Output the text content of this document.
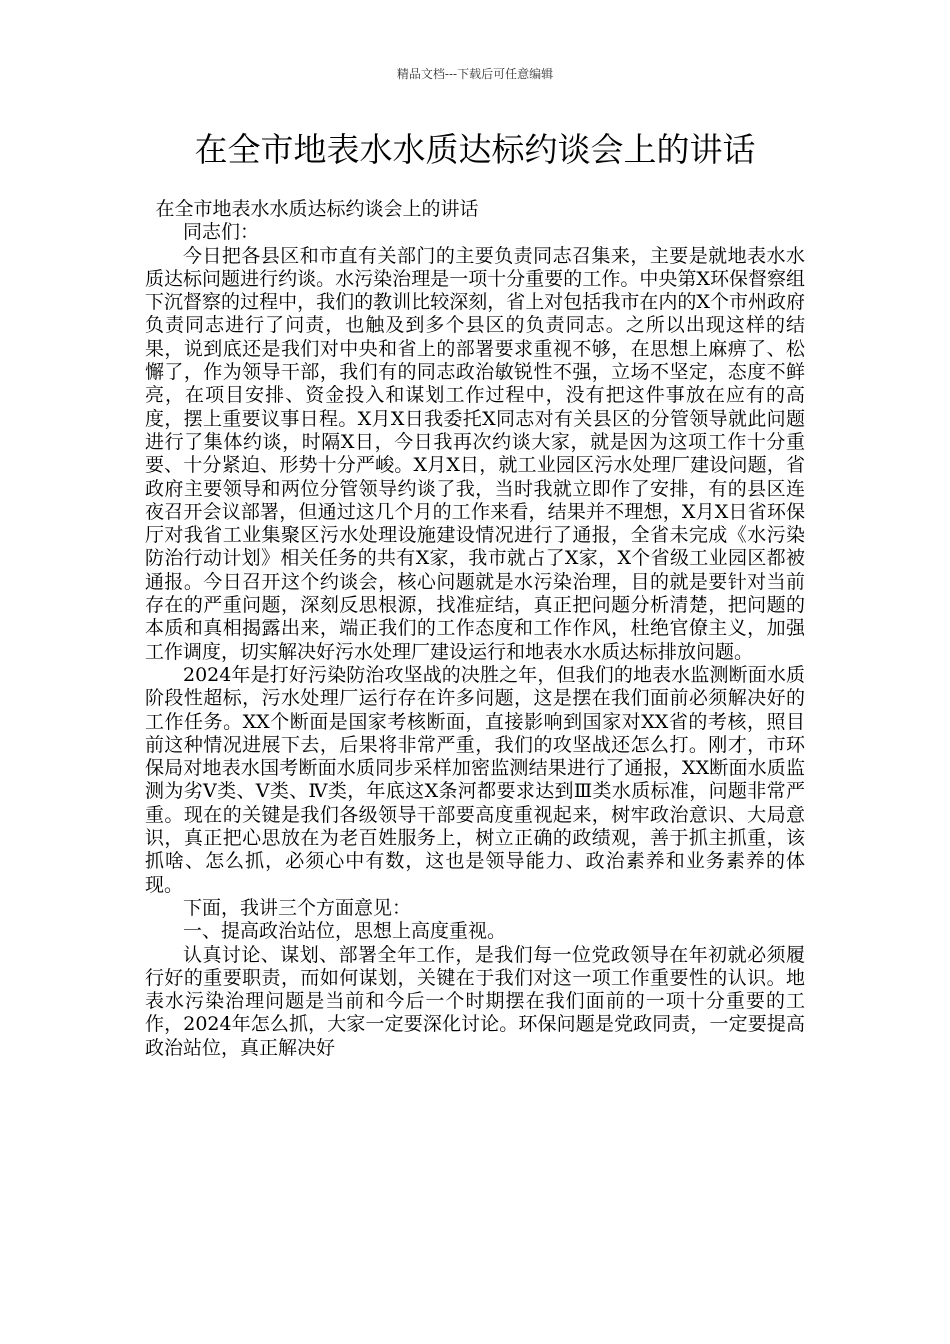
精品文档---下载后可任意编辑
在全市地表水水质达标约谈会上的讲话

在全市地表水水质达标约谈会上的讲话

同志们：

今日把各县区和市直有关部门的主要负责同志召集来，主要是就地表水水质达标问题进行约谈。水污染治理是一项十分重要的工作。中央第X环保督察组下沉督察的过程中，我们的教训比较深刻，省上对包括我市在内的X个市州政府负责同志进行了问责，也触及到多个县区的负责同志。之所以出现这样的结果，说到底还是我们对中央和省上的部署要求重视不够，在思想上麻痹了、松懈了，作为领导干部，我们有的同志政治敏锐性不强，立场不坚定，态度不鲜亮，在项目安排、资金投入和谋划工作过程中，没有把这件事放在应有的高度，摆上重要议事日程。X月X日我委托X同志对有关县区的分管领导就此问题进行了集体约谈，时隔X日，今日我再次约谈大家，就是因为这项工作十分重要、十分紧迫、形势十分严峻。X月X日，就工业园区污水处理厂建设问题，省政府主要领导和两位分管领导约谈了我，当时我就立即作了安排，有的县区连夜召开会议部署，但通过这几个月的工作来看，结果并不理想，X月X日省环保厅对我省工业集聚区污水处理设施建设情况进行了通报，全省未完成《水污染防治行动计划》相关任务的共有X家，我市就占了X家，X个省级工业园区都被通报。今日召开这个约谈会，核心问题就是水污染治理，目的就是要针对当前存在的严重问题，深刻反思根源，找准症结，真正把问题分析清楚，把问题的本质和真相揭露出来，端正我们的工作态度和工作作风，杜绝官僚主义，加强工作调度，切实解决好污水处理厂建设运行和地表水水质达标排放问题。

2024年是打好污染防治攻坚战的决胜之年，但我们的地表水监测断面水质阶段性超标，污水处理厂运行存在许多问题，这是摆在我们面前必须解决好的工作任务。XX个断面是国家考核断面，直接影响到国家对XX省的考核，照目前这种情况进展下去，后果将非常严重，我们的攻坚战还怎么打。刚才，市环保局对地表水国考断面水质同步采样加密监测结果进行了通报，XX断面水质监测为劣Ⅴ类、Ⅴ类、Ⅳ类，年底这X条河都要求达到Ⅲ类水质标准，问题非常严重。现在的关键是我们各级领导干部要高度重视起来，树牢政治意识、大局意识，真正把心思放在为老百姓服务上，树立正确的政绩观，善于抓主抓重，该抓啥、怎么抓，必须心中有数，这也是领导能力、政治素养和业务素养的体现。

下面，我讲三个方面意见：

一、提高政治站位，思想上高度重视。

认真讨论、谋划、部署全年工作，是我们每一位党政领导在年初就必须履行好的重要职责，而如何谋划，关键在于我们对这一项工作重要性的认识。地表水污染治理问题是当前和今后一个时期摆在我们面前的一项十分重要的工作，2024年怎么抓，大家一定要深化讨论。环保问题是党政同责，一定要提高政治站位，真正解决好
